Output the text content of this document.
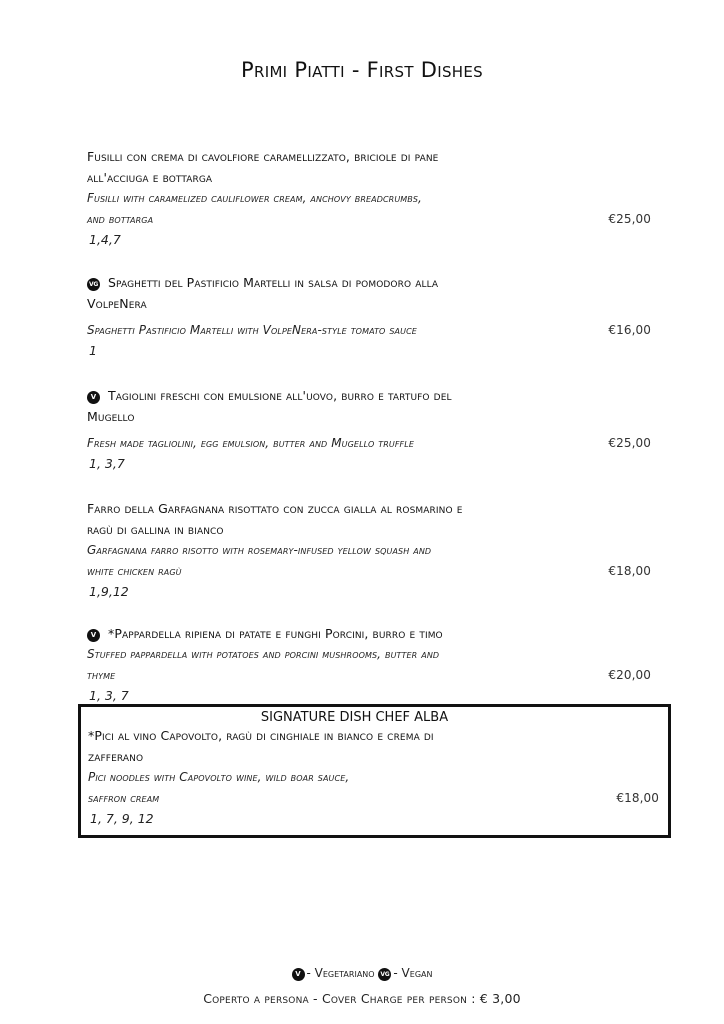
Primi Piatti - First Dishes
Fusilli con crema di cavolfiore caramellizzato, briciole di pane
all'acciuga e bottarga
Fusilli with caramelized cauliflower cream, anchovy breadcrumbs,
and bottarga	€25,00
1,4,7
VG Spaghetti del Pastificio Martelli in salsa di pomodoro alla
VolpeNera
Spaghetti Pastificio Martelli with VolpeNera-style tomato sauce	€16,00
1
V Tagiolini freschi con emulsione all'uovo, burro e tartufo del
Mugello
Fresh made tagliolini, egg emulsion, butter and Mugello truffle	€25,00
1, 3,7
Farro della Garfagnana risottato con zucca gialla al rosmarino e
ragù di gallina in bianco
Garfagnana farro risotto with rosemary-infused yellow squash and
white chicken ragù	€18,00
1,9,12
V *Pappardella ripiena di patate e funghi Porcini, burro e timo
Stuffed pappardella with potatoes and porcini mushrooms, butter and
thyme	€20,00
1, 3, 7
SIGNATURE DISH CHEF ALBA
*Pici al vino Capovolto, ragù di cinghiale in bianco e crema di
zafferano
Pici noodles with Capovolto wine, wild boar sauce,
saffron cream	€18,00
1, 7, 9, 12
V - Vegetariano VG - Vegan
Coperto a persona - Cover Charge per person : € 3,00
